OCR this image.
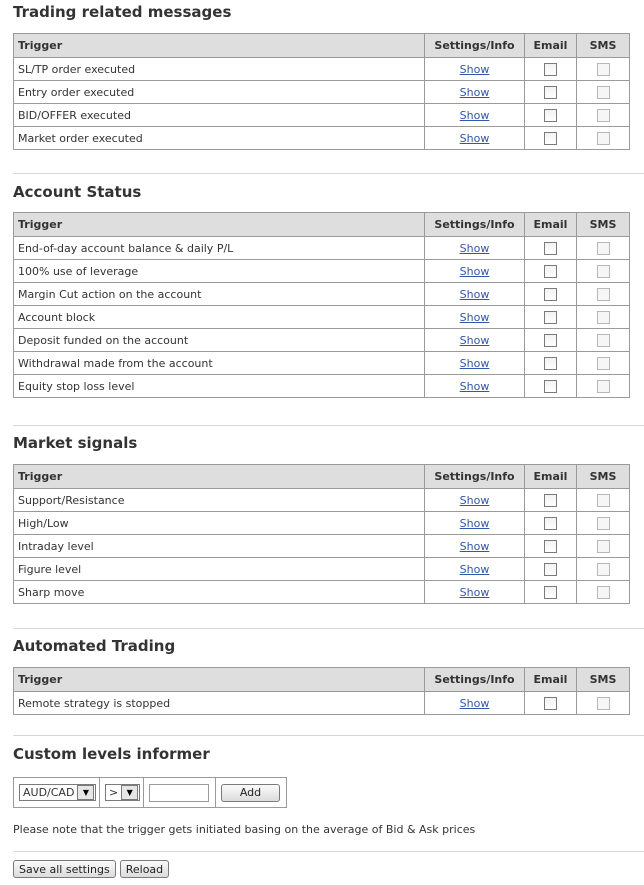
Trading related messages
Trigger	Settings/Info	Email	SMS
SL/TP order executed	Show		
Entry order executed	Show		
BID/OFFER executed	Show		
Market order executed	Show		
Account Status
Trigger	Settings/Info	Email	SMS
End-of-day account balance & daily P/L	Show		
100% use of leverage	Show		
Margin Cut action on the account	Show		
Account block	Show		
Deposit funded on the account	Show		
Withdrawal made from the account	Show		
Equity stop loss level	Show		
Market signals
Trigger	Settings/Info	Email	SMS
Support/Resistance	Show		
High/Low	Show		
Intraday level	Show		
Figure level	Show		
Sharp move	Show		
Automated Trading
Trigger	Settings/Info	Email	SMS
Remote strategy is stopped	Show		
Custom levels informer
AUD/CAD	▼	>	▼	Add
Please note that the trigger gets initiated basing on the average of Bid & Ask prices
Save all settings	Reload
